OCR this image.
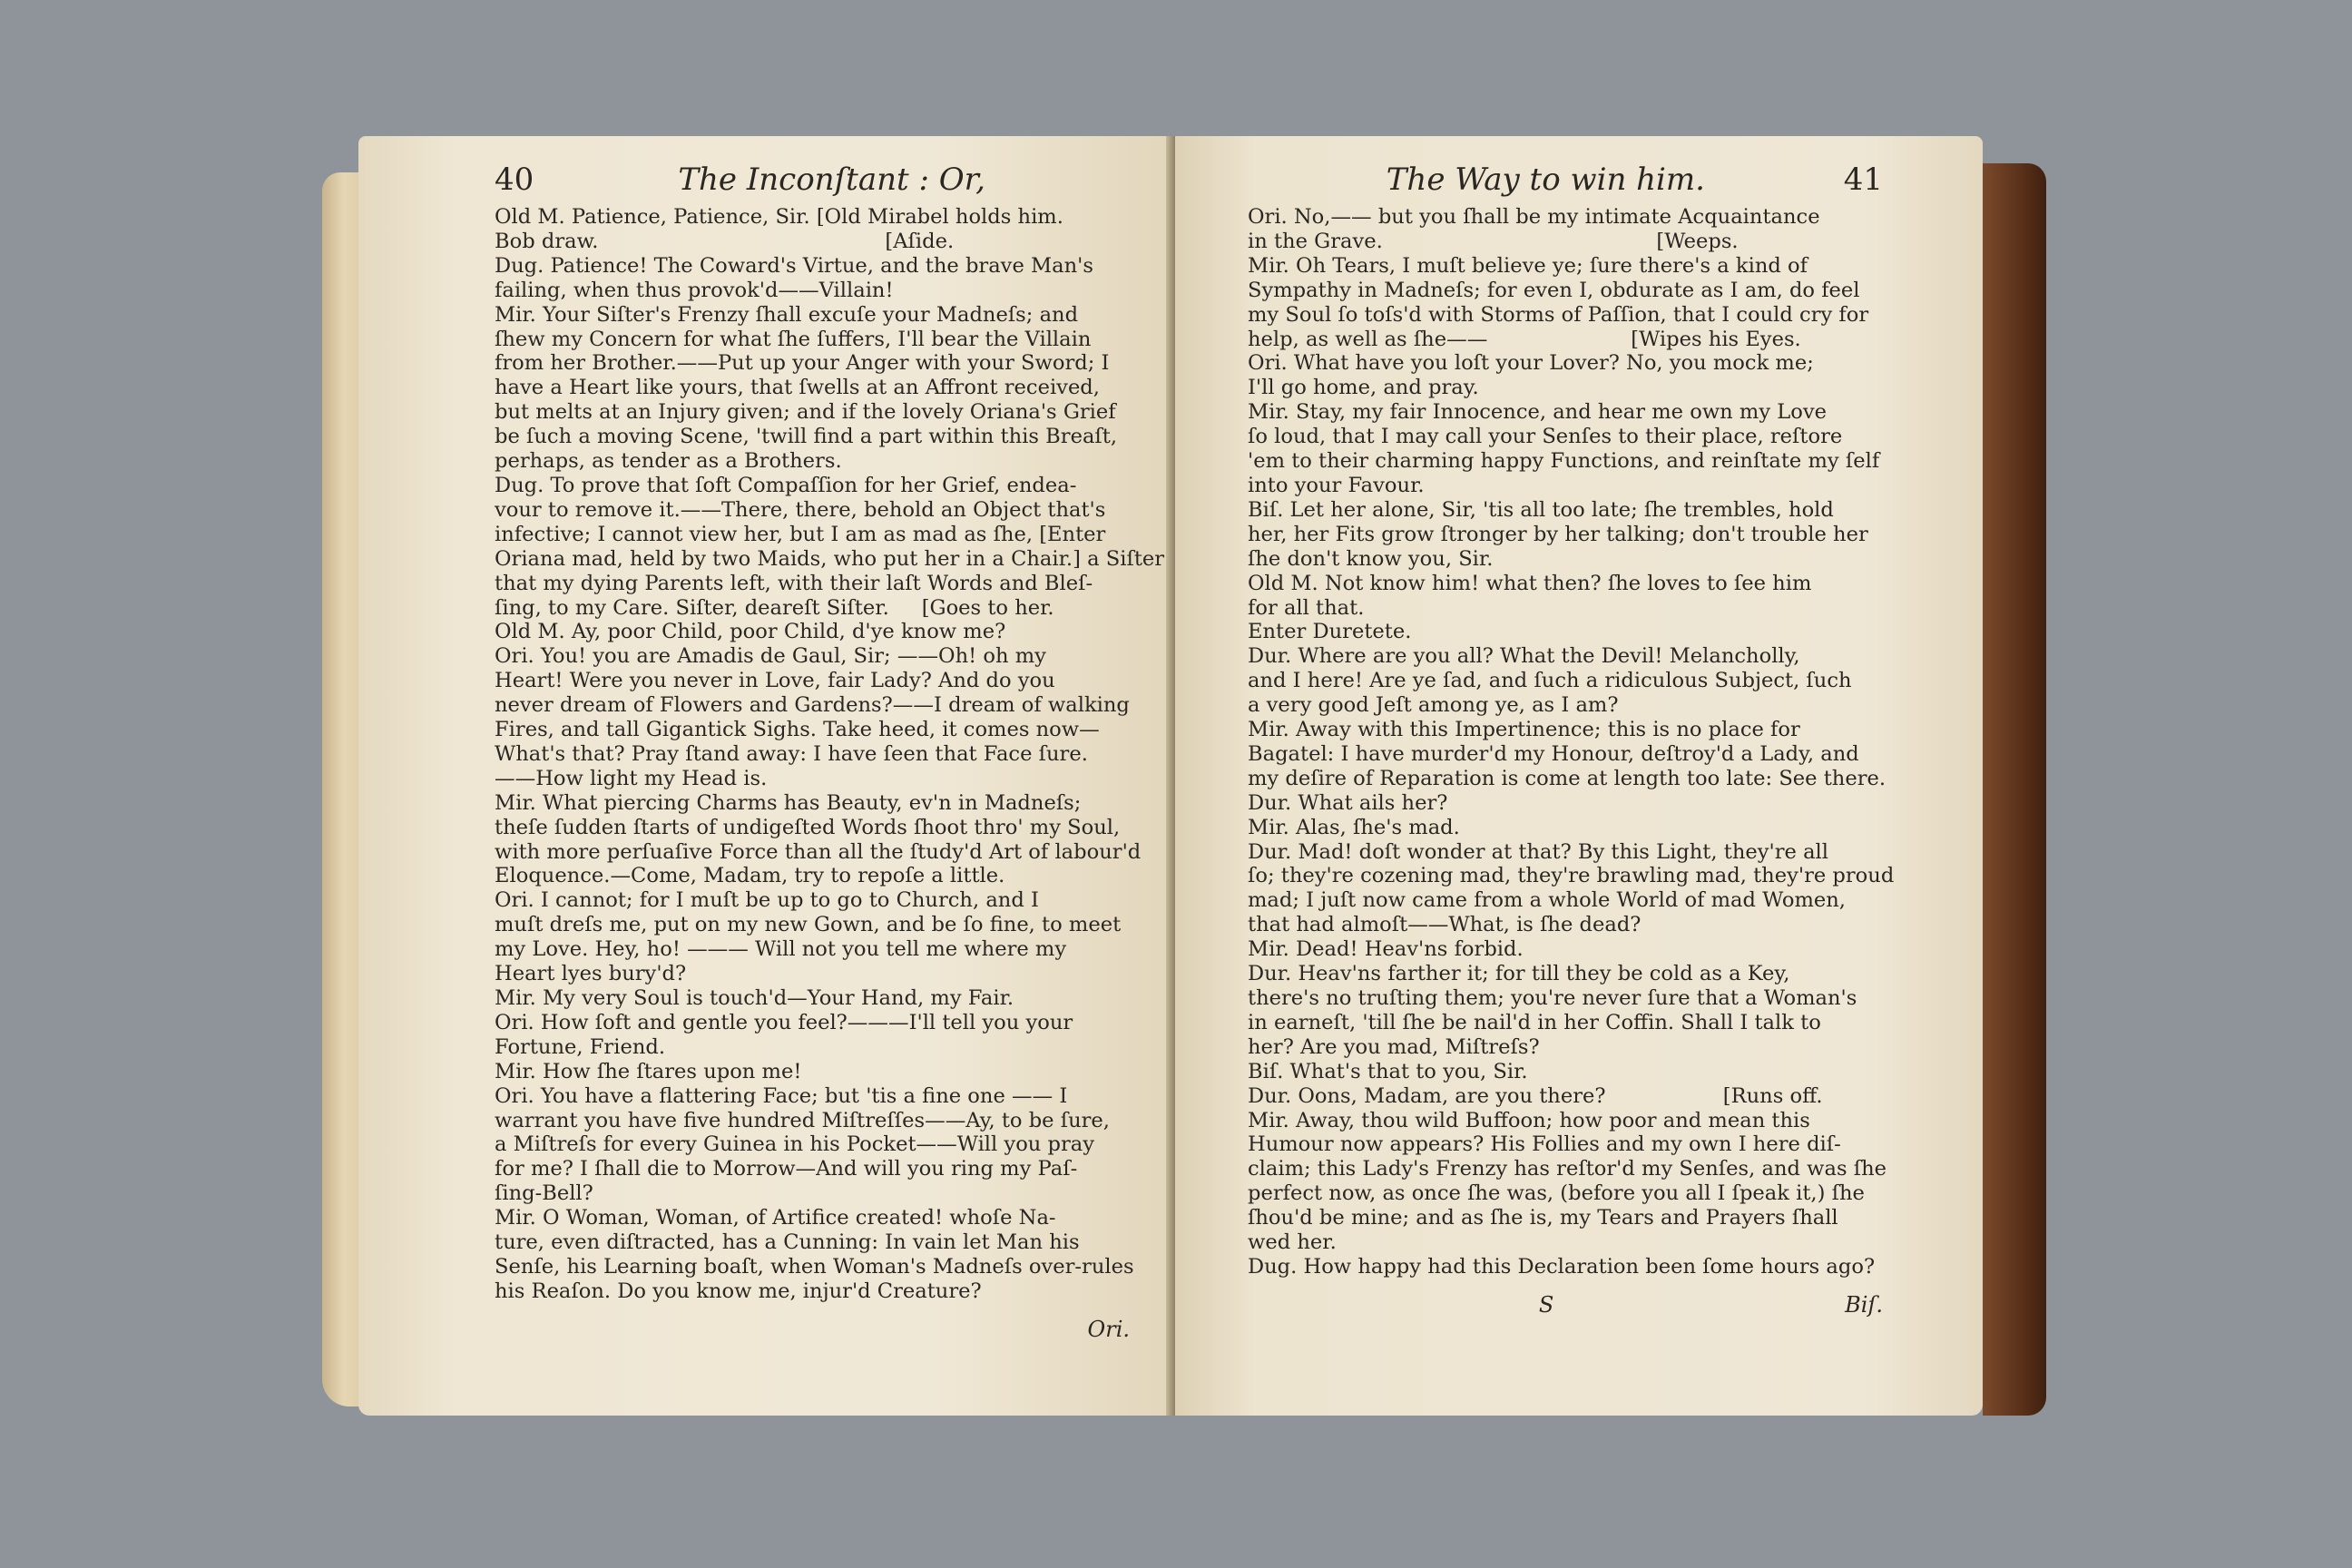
40	The Inconſtant : Or,

Old M. Patience, Patience, Sir. [Old Mirabel holds him.

Bob draw.                                            [Aſide.

Dug. Patience! The Coward's Virtue, and the brave Man's

failing, when thus provok'd——Villain!

Mir. Your Siſter's Frenzy ſhall excuſe your Madneſs; and

ſhew my Concern for what ſhe ſuffers, I'll bear the Villain

from her Brother.——Put up your Anger with your Sword; I

have a Heart like yours, that ſwells at an Affront received,

but melts at an Injury given; and if the lovely Oriana's Grief

be ſuch a moving Scene, 'twill find a part within this Breaſt,

perhaps, as tender as a Brothers.

Dug. To prove that ſoft Compaſſion for her Grief, endea-

vour to remove it.——There, there, behold an Object that's

infective; I cannot view her, but I am as mad as ſhe, [Enter

Oriana mad, held by two Maids, who put her in a Chair.] a Siſter

that my dying Parents left, with their laſt Words and Bleſ-

ſing, to my Care. Siſter, deareſt Siſter.     [Goes to her.

Old M. Ay, poor Child, poor Child, d'ye know me?

Ori. You! you are Amadis de Gaul, Sir; ——Oh! oh my

Heart! Were you never in Love, fair Lady? And do you

never dream of Flowers and Gardens?——I dream of walking

Fires, and tall Gigantick Sighs. Take heed, it comes now—

What's that? Pray ſtand away: I have ſeen that Face ſure.

——How light my Head is.

Mir. What piercing Charms has Beauty, ev'n in Madneſs;

theſe ſudden ſtarts of undigeſted Words ſhoot thro' my Soul,

with more perſuaſive Force than all the ſtudy'd Art of labour'd

Eloquence.—Come, Madam, try to repoſe a little.

Ori. I cannot; for I muſt be up to go to Church, and I

muſt dreſs me, put on my new Gown, and be ſo fine, to meet

my Love. Hey, ho! ——— Will not you tell me where my

Heart lyes bury'd?

Mir. My very Soul is touch'd—Your Hand, my Fair.

Ori. How ſoft and gentle you feel?———I'll tell you your

Fortune, Friend.

Mir. How ſhe ſtares upon me!

Ori. You have a flattering Face; but 'tis a fine one —— I

warrant you have five hundred Miſtreſſes——Ay, to be ſure,

a Miſtreſs for every Guinea in his Pocket——Will you pray

for me? I ſhall die to Morrow—And will you ring my Paſ-

ſing-Bell?

Mir. O Woman, Woman, of Artifice created! whoſe Na-

ture, even diſtracted, has a Cunning: In vain let Man his

Senſe, his Learning boaſt, when Woman's Madneſs over-rules

his Reaſon. Do you know me, injur'd Creature?

Ori.
The Way to win him.	41

Ori. No,—— but you ſhall be my intimate Acquaintance

in the Grave.                                          [Weeps.

Mir. Oh Tears, I muſt believe ye; ſure there's a kind of

Sympathy in Madneſs; for even I, obdurate as I am, do feel

my Soul ſo toſs'd with Storms of Paſſion, that I could cry for

help, as well as ſhe——                      [Wipes his Eyes.

Ori. What have you loſt your Lover? No, you mock me;

I'll go home, and pray.

Mir. Stay, my fair Innocence, and hear me own my Love

ſo loud, that I may call your Senſes to their place, reſtore

'em to their charming happy Functions, and reinſtate my ſelf

into your Favour.

Biſ. Let her alone, Sir, 'tis all too late; ſhe trembles, hold

her, her Fits grow ſtronger by her talking; don't trouble her

ſhe don't know you, Sir.

Old M. Not know him! what then? ſhe loves to ſee him

for all that.

Enter Duretete.

Dur. Where are you all? What the Devil! Melancholly,

and I here! Are ye ſad, and ſuch a ridiculous Subject, ſuch

a very good Jeſt among ye, as I am?

Mir. Away with this Impertinence; this is no place for

Bagatel: I have murder'd my Honour, deſtroy'd a Lady, and

my deſire of Reparation is come at length too late: See there.

Dur. What ails her?

Mir. Alas, ſhe's mad.

Dur. Mad! doſt wonder at that? By this Light, they're all

ſo; they're cozening mad, they're brawling mad, they're proud

mad; I juſt now came from a whole World of mad Women,

that had almoſt——What, is ſhe dead?

Mir. Dead! Heav'ns forbid.

Dur. Heav'ns farther it; for till they be cold as a Key,

there's no truſting them; you're never ſure that a Woman's

in earneſt, 'till ſhe be nail'd in her Coffin. Shall I talk to

her? Are you mad, Miſtreſs?

Biſ. What's that to you, Sir.

Dur. Oons, Madam, are you there?                  [Runs off.

Mir. Away, thou wild Buffoon; how poor and mean this

Humour now appears? His Follies and my own I here diſ-

claim; this Lady's Frenzy has reſtor'd my Senſes, and was ſhe

perfect now, as once ſhe was, (before you all I ſpeak it,) ſhe

ſhou'd be mine; and as ſhe is, my Tears and Prayers ſhall

wed her.

Dug. How happy had this Declaration been ſome hours ago?

S	Biſ.
